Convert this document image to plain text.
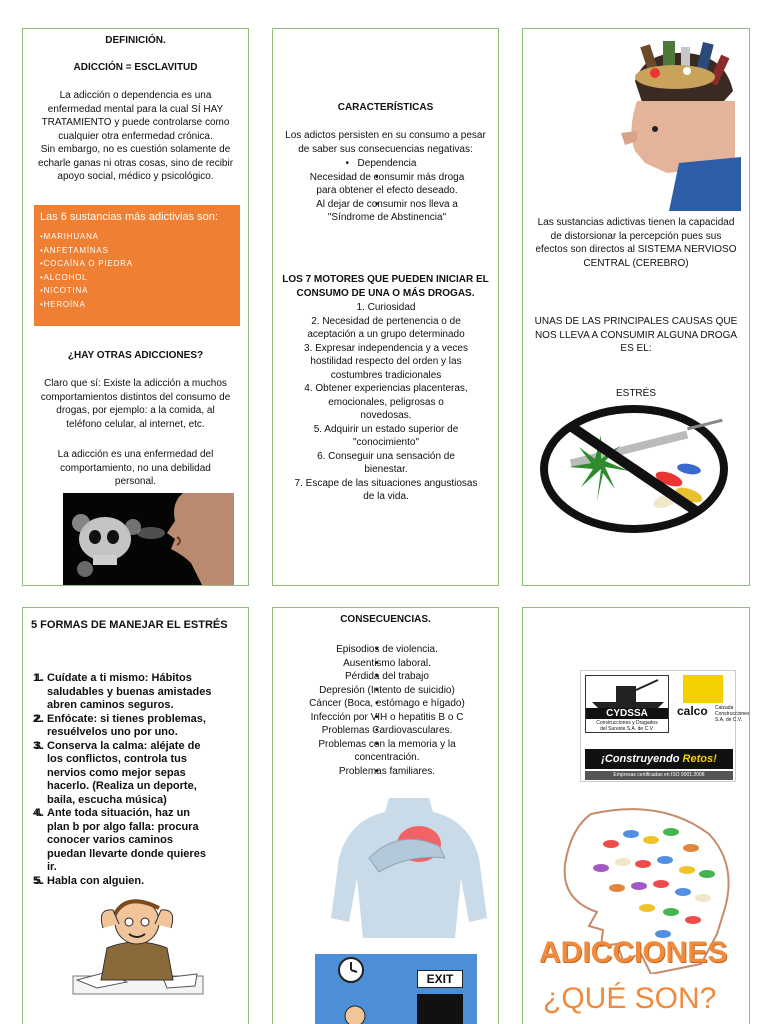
DEFINICIÓN.
ADICCIÓN = ESCLAVITUD
La adicción o dependencia es una
enfermedad mental para la cual SÍ HAY
TRATAMIENTO y puede controlarse como
cualquier otra enfermedad crónica.
Sin embargo, no es cuestión solamente de
echarle ganas ni otras cosas, sino de recibir
apoyo social, médico y psicológico.
Las 6 sustancias más adictivias son:
•MARIHUANA
•ANFETAMÍNAS
•COCAÍNA O PIEDRA
•ALCOHOL
•NICOTINA
•HEROÍNA
¿HAY OTRAS ADICCIONES?
Claro que sí: Existe la adicción a muchos
comportamientos distintos del consumo de
drogas, por ejemplo: a la comida, al
teléfono celular, al internet, etc.
La adicción es una enfermedad del
comportamiento, no una debilidad
personal.
CARACTERÍSTICAS
Los adictos persisten en su consumo a pesar
de saber sus consecuencias negativas:
• Dependencia
• Necesidad de consumir más droga
para obtener el efecto deseado.
• Al dejar de consumir nos lleva a
"Síndrome de Abstinencia"
LOS 7 MOTORES QUE PUEDEN INICIAR EL
CONSUMO DE UNA O MÁS DROGAS.
1. Curiosidad
2. Necesidad de pertenencia o de
aceptación a un grupo determinado
3. Expresar independencia y a veces
hostilidad respecto del orden y las
costumbres tradicionales
4. Obtener experiencias placenteras,
emocionales, peligrosas o
novedosas.
5. Adquirir un estado superior de
"conocimiento"
6. Conseguir una sensación de
bienestar.
7. Escape de las situaciones angustiosas
de la vida.
Las sustancias adictivas tienen la capacidad
de distorsionar la percepción pues sus
efectos son directos al SISTEMA NERVIOSO
CENTRAL (CEREBRO)
UNAS DE LAS PRINCIPALES CAUSAS QUE
NOS LLEVA A CONSUMIR ALGUNA DROGA
ES EL:
ESTRÉS
5 FORMAS DE MANEJAR EL ESTRÉS
1. 1. Cuídate a ti mismo: Hábitos
saludables y buenas amistades
abren caminos seguros.
2. 2. Enfócate: si tienes problemas,
resuélvelos uno por uno.
3. 3. Conserva la calma: aléjate de
los conflictos, controla tus
nervios como mejor sepas
hacerlo. (Realiza un deporte,
baila, escucha música)
4. 4. Ante toda situación, haz un
plan b por algo falla: procura
conocer varios caminos
puedan llevarte donde quieres
ir.
5. 5. Habla con alguien.
CONSECUENCIAS.
• Episodios de violencia.
• Ausentismo laboral.
• Pérdida del trabajo
• Depresión (Intento de suicidio)
• Cáncer (Boca, estómago e hígado)
• Infección por VIH o hepatitis B o C
• Problemas Cardiovasculares.
• Problemas con la memoria y la
concentración.
• Problemas familiares.
EXIT
CYDSSA
Construcciones y Dragados
del Sureste S.A. de C.V.
calco Calzada
Construcciones
S.A. de C.V.
¡Construyendo Retos!
Empresas certificadas en ISO 9001:2008
ADICCIONES
¿QUÉ SON?
